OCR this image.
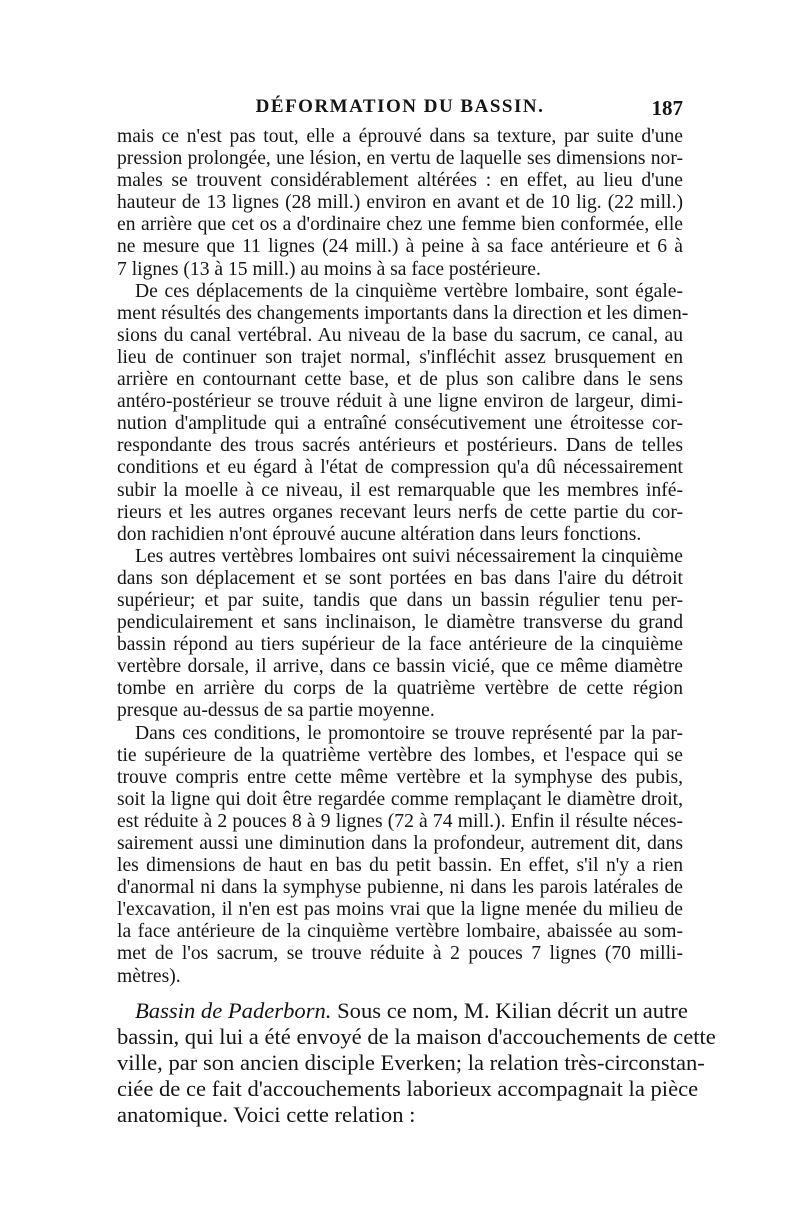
DÉFORMATION DU BASSIN.	187
mais ce n'est pas tout, elle a éprouvé dans sa texture, par suite d'une
pression prolongée, une lésion, en vertu de laquelle ses dimensions nor-
males se trouvent considérablement altérées : en effet, au lieu d'une
hauteur de 13 lignes (28 mill.) environ en avant et de 10 lig. (22 mill.)
en arrière que cet os a d'ordinaire chez une femme bien conformée, elle
ne mesure que 11 lignes (24 mill.) à peine à sa face antérieure et 6 à
7 lignes (13 à 15 mill.) au moins à sa face postérieure.
De ces déplacements de la cinquième vertèbre lombaire, sont égale-
ment résultés des changements importants dans la direction et les dimen-
sions du canal vertébral. Au niveau de la base du sacrum, ce canal, au
lieu de continuer son trajet normal, s'infléchit assez brusquement en
arrière en contournant cette base, et de plus son calibre dans le sens
antéro-postérieur se trouve réduit à une ligne environ de largeur, dimi-
nution d'amplitude qui a entraîné consécutivement une étroitesse cor-
respondante des trous sacrés antérieurs et postérieurs. Dans de telles
conditions et eu égard à l'état de compression qu'a dû nécessairement
subir la moelle à ce niveau, il est remarquable que les membres infé-
rieurs et les autres organes recevant leurs nerfs de cette partie du cor-
don rachidien n'ont éprouvé aucune altération dans leurs fonctions.
Les autres vertèbres lombaires ont suivi nécessairement la cinquième
dans son déplacement et se sont portées en bas dans l'aire du détroit
supérieur; et par suite, tandis que dans un bassin régulier tenu per-
pendiculairement et sans inclinaison, le diamètre transverse du grand
bassin répond au tiers supérieur de la face antérieure de la cinquième
vertèbre dorsale, il arrive, dans ce bassin vicié, que ce même diamètre
tombe en arrière du corps de la quatrième vertèbre de cette région
presque au-dessus de sa partie moyenne.
Dans ces conditions, le promontoire se trouve représenté par la par-
tie supérieure de la quatrième vertèbre des lombes, et l'espace qui se
trouve compris entre cette même vertèbre et la symphyse des pubis,
soit la ligne qui doit être regardée comme remplaçant le diamètre droit,
est réduite à 2 pouces 8 à 9 lignes (72 à 74 mill.). Enfin il résulte néces-
sairement aussi une diminution dans la profondeur, autrement dit, dans
les dimensions de haut en bas du petit bassin. En effet, s'il n'y a rien
d'anormal ni dans la symphyse pubienne, ni dans les parois latérales de
l'excavation, il n'en est pas moins vrai que la ligne menée du milieu de
la face antérieure de la cinquième vertèbre lombaire, abaissée au som-
met de l'os sacrum, se trouve réduite à 2 pouces 7 lignes (70 milli-
mètres).
Bassin de Paderborn. Sous ce nom, M. Kilian décrit un autre
bassin, qui lui a été envoyé de la maison d'accouchements de cette
ville, par son ancien disciple Everken; la relation très-circonstan-
ciée de ce fait d'accouchements laborieux accompagnait la pièce
anatomique. Voici cette relation :
